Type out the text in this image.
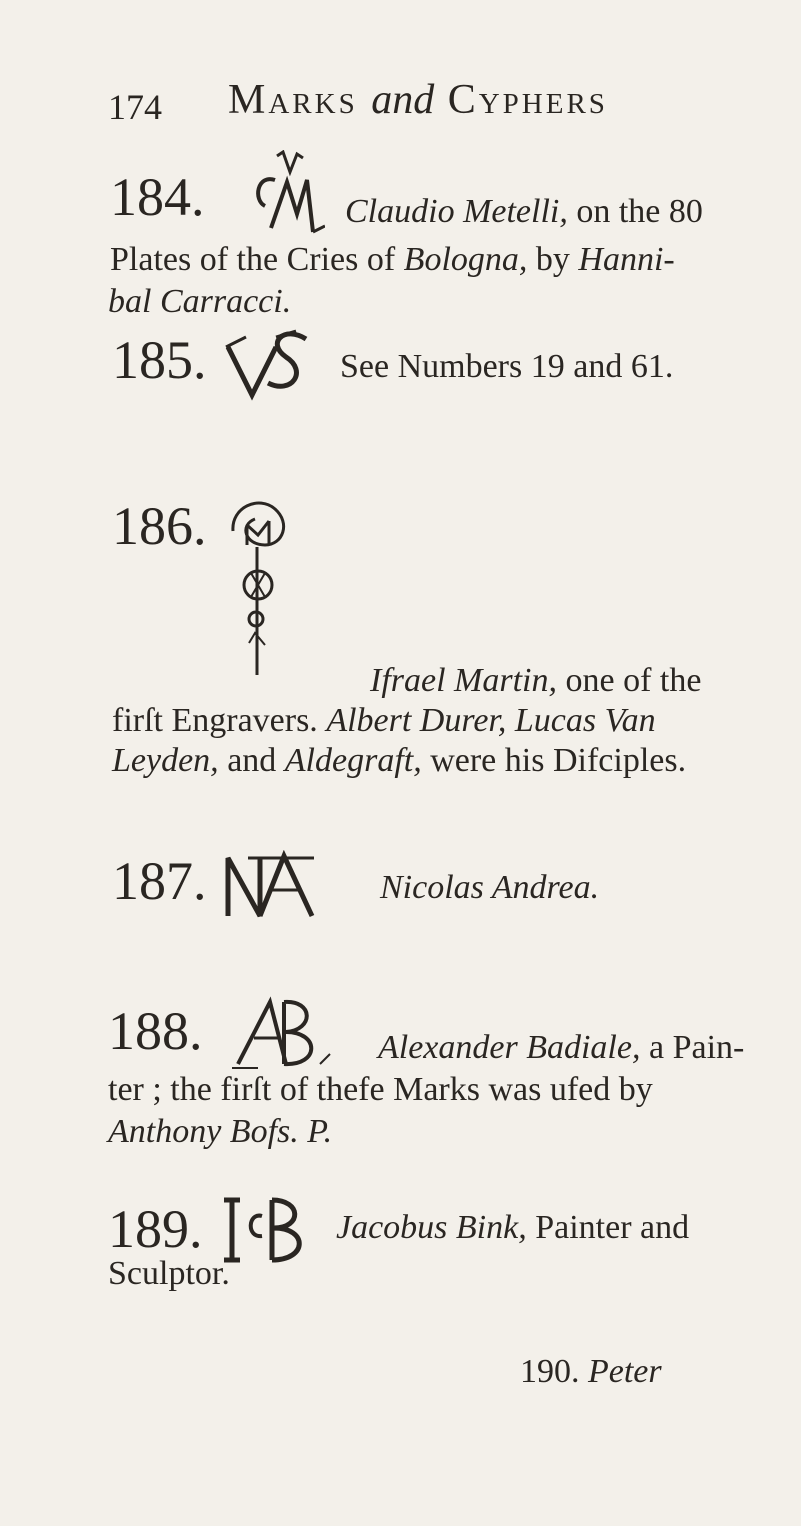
174 Marks and Cyphers
184.	Claudio Metelli, on the 80
Plates of the Cries of Bologna, by Hanni-
bal Carracci.
185.	See Numbers 19 and 61.
186.
Ifrael Martin, one of the
firſt Engravers. Albert Durer, Lucas Van
Leyden, and Aldegraft, were his Difciples.
187.	Nicolas Andrea.
188.	Alexander Badiale, a Pain-
ter ; the firſt of thefe Marks was ufed by
Anthony Bofs. P.
189.	Jacobus Bink, Painter and
Sculptor.
190. Peter
